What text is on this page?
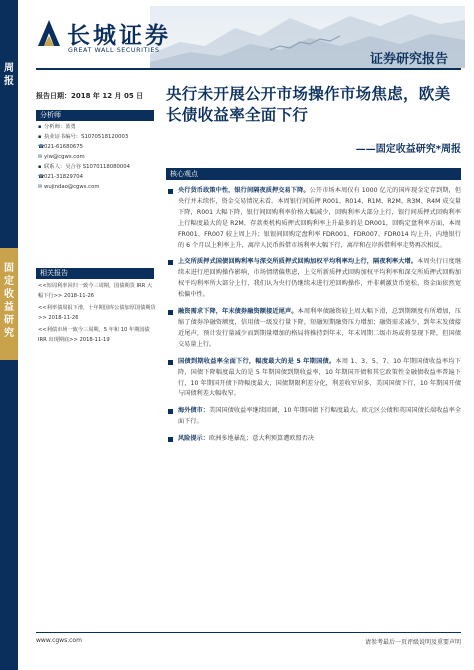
周报
固定收益研究
长城证券
GREAT WALL SECURITIES
证券研究报告
报告日期：2018 年 12 月 05 日
分析师
▪ 分析师：蓝勇
▪ 执业证书编号：S1070518120003
☎021-61680675
✉ yiw@cgws.com
▪ 联系人：吴合谷 S1070118080004
☎021-31829704
✉ wujindao@cgws.com
相关报告
<<短周利率回归一致今三周期，国债期货 IRR 大幅下行>> 2018-11-26
<<利率债周报下滑，十年期国库公债加厚国债期货>> 2018-11-26
<<利债市场一致今三周期，5 年和 10 年期国债 IRR 出现期底>> 2018-11-19
央行未开展公开市场操作市场焦虑，欧美长债收益率全面下行
——固定收益研究*周报
核心观点
央行货币政策中性，银行间隔夜质押交易下降。公开市场本周仅有 1000 亿元的国库现金定存到期，但央行并未续作，资金交易情况未看。本周银行间质押 R001、R014、R1M、R2M、R3M、R4M 成交量下降，R001 大幅下降，银行间回购利率价格大幅减少，回购利率大部分上行，银行间质押式回购利率上行幅度最大的是 R2M，存款类机构质押式回购利率上升最多的是 DR001，回购定盘利率方面，本周 FR001、FR007 较上周上升；银银间回购定盘利率 FDR001、FDR007、FDR014 均上升，内地银行的 6 个月以上利率上升，离岸人民币拆借市场利率大幅下行，离岸和在岸拆借利率走势再次相反。
上交所质押式国债回购利率与深交所质押式回购加权平均利率均上行，隔夜利率大增。本周央行日度继续未进行逆回购操作影响，市场情绪偏焦虑，上交所新质押式回购加权平均利率和深交所质押式回购加权平均利率所大部分上行，我们认为央行仍继续未进行逆回购操作，并非刺激货币宽松，资金面依然宽松偏中性。
融资需求下降，年末债券融资额接近尾声。本周利率债融资较上周大幅下滑，总到期额度有所增加，压缩了债券净融资额度，信用债一级发行量下降，短融短期融资压力增加；融资需求减少，到年末发债接近尾声，预计发行量减少而到期量增加的格局将推持到年末，年末周期二级市场或将显现下降，但国债交易量上行。
国债到期收益率全面下行，幅度最大的是 5 年期国债。本周 1、3、5、7、10 年期国债收益率均下降，国债下降幅度最大的是 5 年期国债到期收益率，10 年期国开债和其它政策性金融债收益率普遍下行，10 年期国开债下降幅度最大，国债期限利差分化，利差收窄居多，美国国债下行，10 年期国开债与国债利差大幅收窄。
海外债市：美国国债收益率继续回调，10 年期国债下行幅度最大。欧元区公债和英国国债长端收益率全面下行。
风险提示：欧洲多地暴乱；意大利预算遭欧盟否决
www.cgws.com	请参考最后一页评级说明及重要声明
